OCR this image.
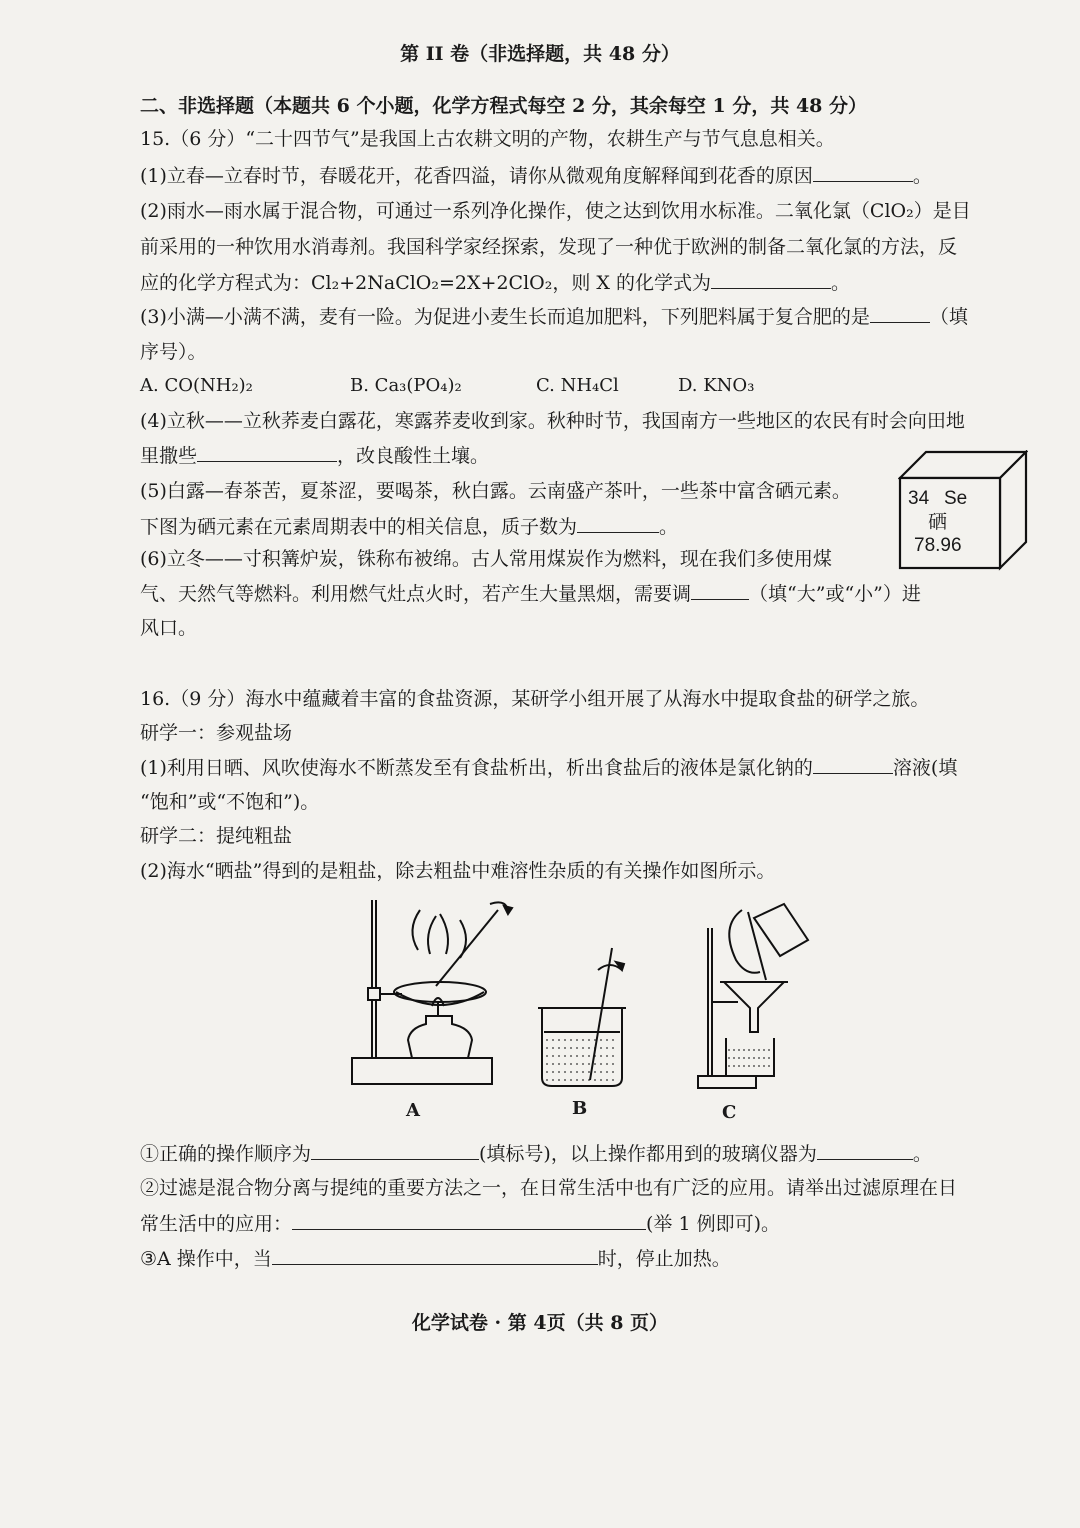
第 II 卷（非选择题，共 48 分）
二、非选择题（本题共 6 个小题，化学方程式每空 2 分，其余每空 1 分，共 48 分）
15.（6 分）“二十四节气”是我国上古农耕文明的产物，农耕生产与节气息息相关。
(1)立春—立春时节，春暖花开，花香四溢，请你从微观角度解释闻到花香的原因	。
(2)雨水—雨水属于混合物，可通过一系列净化操作，使之达到饮用水标准。二氧化氯（ClO₂）是目
前采用的一种饮用水消毒剂。我国科学家经探索，发现了一种优于欧洲的制备二氧化氯的方法，反
应的化学方程式为：Cl₂+2NaClO₂=2X+2ClO₂，则 X 的化学式为	。
(3)小满—小满不满，麦有一险。为促进小麦生长而追加肥料，下列肥料属于复合肥的是	（填
序号）。
A. CO(NH₂)₂	B. Ca₃(PO₄)₂	C. NH₄Cl	D. KNO₃
(4)立秋——立秋荞麦白露花，寒露荞麦收到家。秋种时节，我国南方一些地区的农民有时会向田地
里撒些	，改良酸性土壤。
(5)白露—春茶苦，夏茶涩，要喝茶，秋白露。云南盛产茶叶，一些茶中富含硒元素。
下图为硒元素在元素周期表中的相关信息，质子数为	。
34 Se
硒
78.96
(6)立冬——寸积篝炉炭，铢称布被绵。古人常用煤炭作为燃料，现在我们多使用煤
气、天然气等燃料。利用燃气灶点火时，若产生大量黑烟，需要调	（填“大”或“小”）进
风口。
16.（9 分）海水中蕴藏着丰富的食盐资源，某研学小组开展了从海水中提取食盐的研学之旅。
研学一：参观盐场
(1)利用日晒、风吹使海水不断蒸发至有食盐析出，析出食盐后的液体是氯化钠的	溶液(填
“饱和”或“不饱和”)。
研学二：提纯粗盐
(2)海水“晒盐”得到的是粗盐，除去粗盐中难溶性杂质的有关操作如图所示。
A	B	C
①正确的操作顺序为	(填标号)，以上操作都用到的玻璃仪器为	。
②过滤是混合物分离与提纯的重要方法之一，在日常生活中也有广泛的应用。请举出过滤原理在日
常生活中的应用：	(举 1 例即可)。
③A 操作中，当	时，停止加热。
化学试卷 · 第 4页（共 8 页）
